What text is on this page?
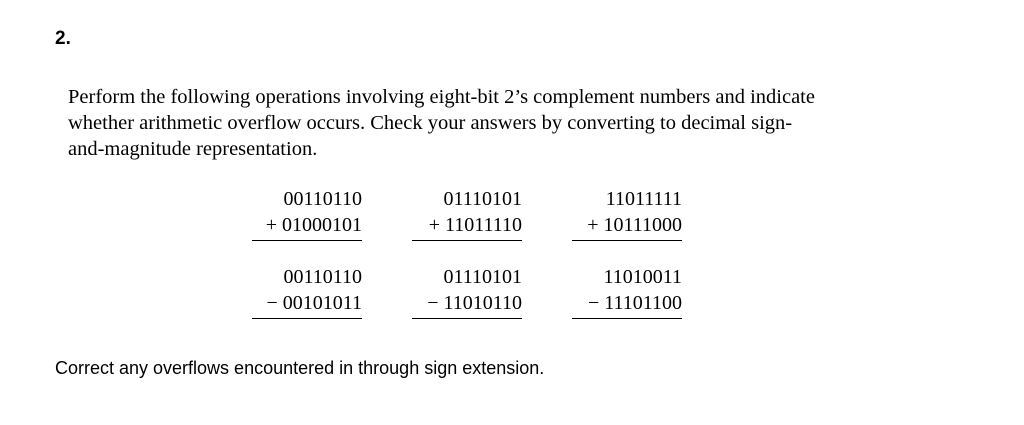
2.
Perform the following operations involving eight-bit 2’s complement numbers and indicate
whether arithmetic overflow occurs. Check your answers by converting to decimal sign-
and-magnitude representation.
00110110
+ 01000101
01110101
+ 11011110
11011111
+ 10111000
00110110
− 00101011
01110101
− 11010110
11010011
− 11101100
Correct any overflows encountered in through sign extension.
